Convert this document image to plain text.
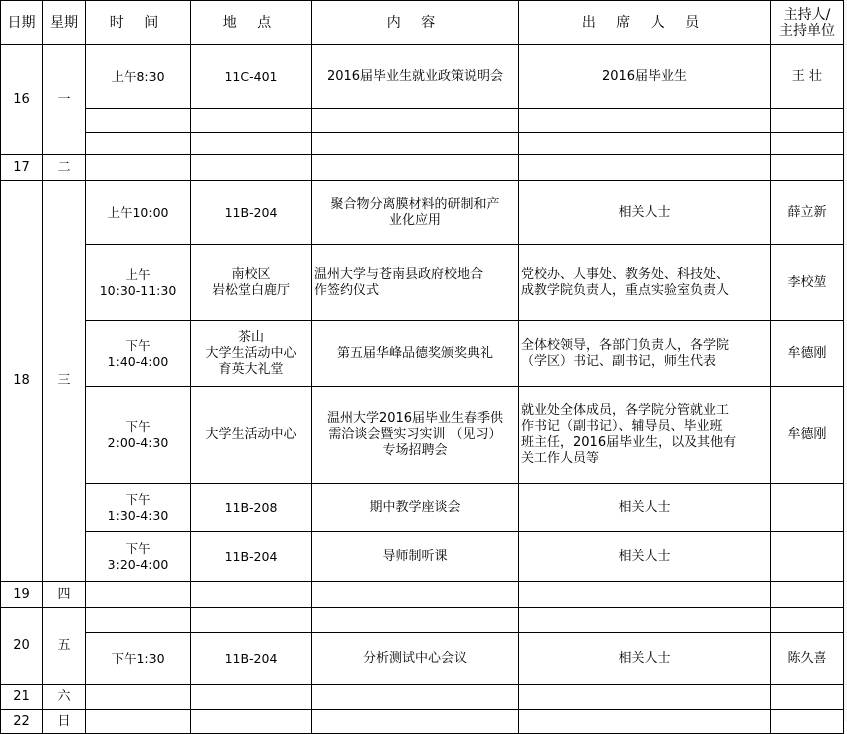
日期	星期	时 间	地 点	内 容	出 席 人 员	主持人/
主持单位

16	一	上午8:30	11C-401	2016届毕业生就业政策说明会	2016届毕业生	王 壮

17	二					
18	三	上午10:00	11B-204	聚合物分离膜材料的研制和产
业化应用	相关人士	薛立新

		上午
10:30-11:30	南校区
岩松堂白鹿厅	温州大学与苍南县政府校地合
作签约仪式	党校办、人事处、教务处、科技处、
成教学院负责人，重点实验室负责人	李校堃

		下午
1:40-4:00	茶山
大学生活动中心
育英大礼堂	第五届华峰品德奖颁奖典礼	全体校领导，各部门负责人，各学院
（学区）书记、副书记，师生代表	牟德刚

		下午
2:00-4:30	大学生活动中心	温州大学2016届毕业生春季供
需洽谈会暨实习实训 （见习）
专场招聘会	就业处全体成员，各学院分管就业工
作书记（副书记）、辅导员、毕业班
班主任，2016届毕业生，以及其他有
关工作人员等	牟德刚

		下午
1:30-4:30	11B-208	期中教学座谈会	相关人士	

		下午
3:20-4:00	11B-204	导师制听课	相关人士	

19	四					
20	五					

		下午1:30	11B-204	分析测试中心会议	相关人士	陈久喜
21	六					
22	日					
